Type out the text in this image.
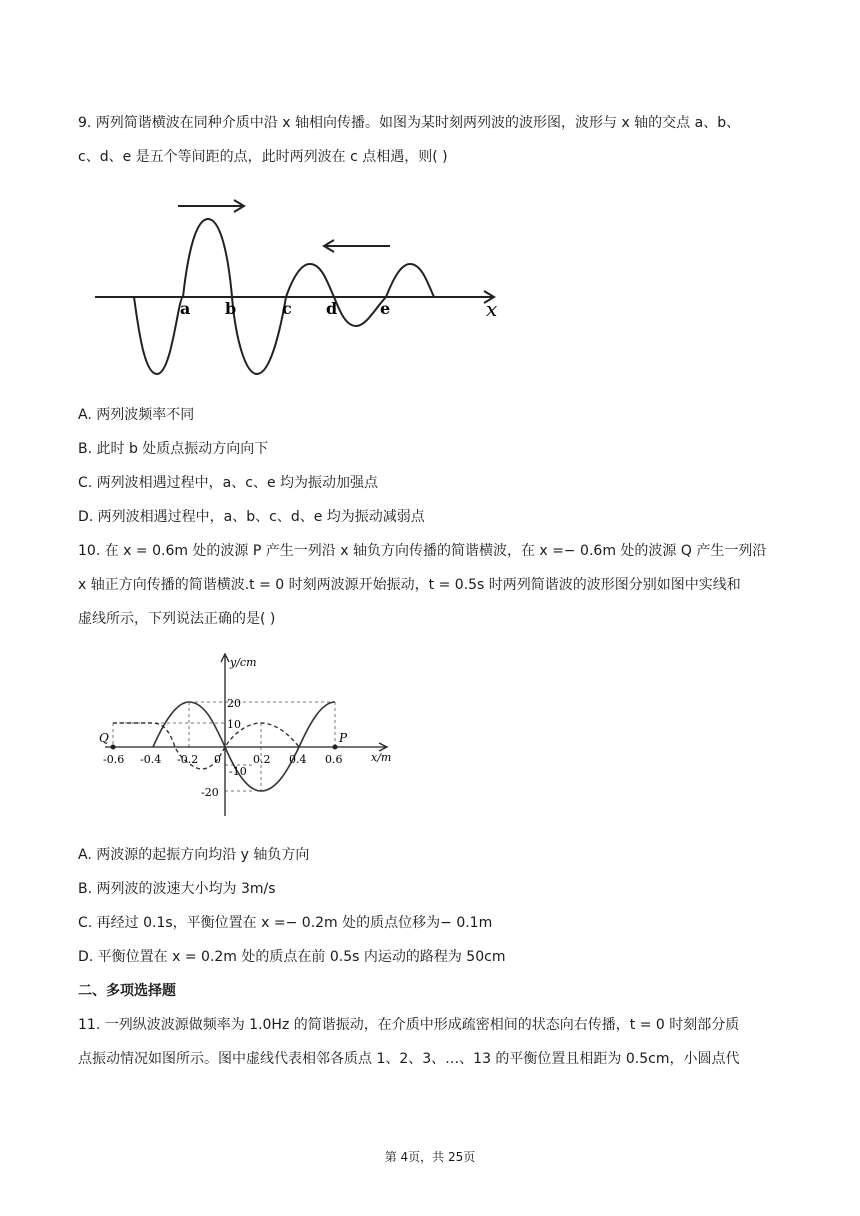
9. 两列简谐横波在同种介质中沿 x 轴相向传播。如图为某时刻两列波的波形图，波形与 x 轴的交点 a、b、
c、d、e 是五个等间距的点，此时两列波在 c 点相遇，则( )
a b	c d	e	x
A. 两列波频率不同
B. 此时 b 处质点振动方向向下
C. 两列波相遇过程中，a、c、e 均为振动加强点
D. 两列波相遇过程中，a、b、c、d、e 均为振动减弱点
10. 在 x = 0.6m 处的波源 P 产生一列沿 x 轴负方向传播的简谐横波，在 x =− 0.6m 处的波源 Q 产生一列沿
x 轴正方向传播的简谐横波.t = 0 时刻两波源开始振动，t = 0.5s 时两列简谐波的波形图分别如图中实线和
虚线所示，下列说法正确的是( )
Q	P
y/cm
x/m
-0.6 -0.4 -0.2 0	0.2 0.4 0.6
20
10
-10
-20
A. 两波源的起振方向均沿 y 轴负方向
B. 两列波的波速大小均为 3m/s
C. 再经过 0.1s，平衡位置在 x =− 0.2m 处的质点位移为− 0.1m
D. 平衡位置在 x = 0.2m 处的质点在前 0.5s 内运动的路程为 50cm
二、多项选择题
11. 一列纵波波源做频率为 1.0Hz 的简谐振动，在介质中形成疏密相间的状态向右传播，t = 0 时刻部分质
点振动情况如图所示。图中虚线代表相邻各质点 1、2、3、…、13 的平衡位置且相距为 0.5cm，小圆点代
第 4页，共 25页
